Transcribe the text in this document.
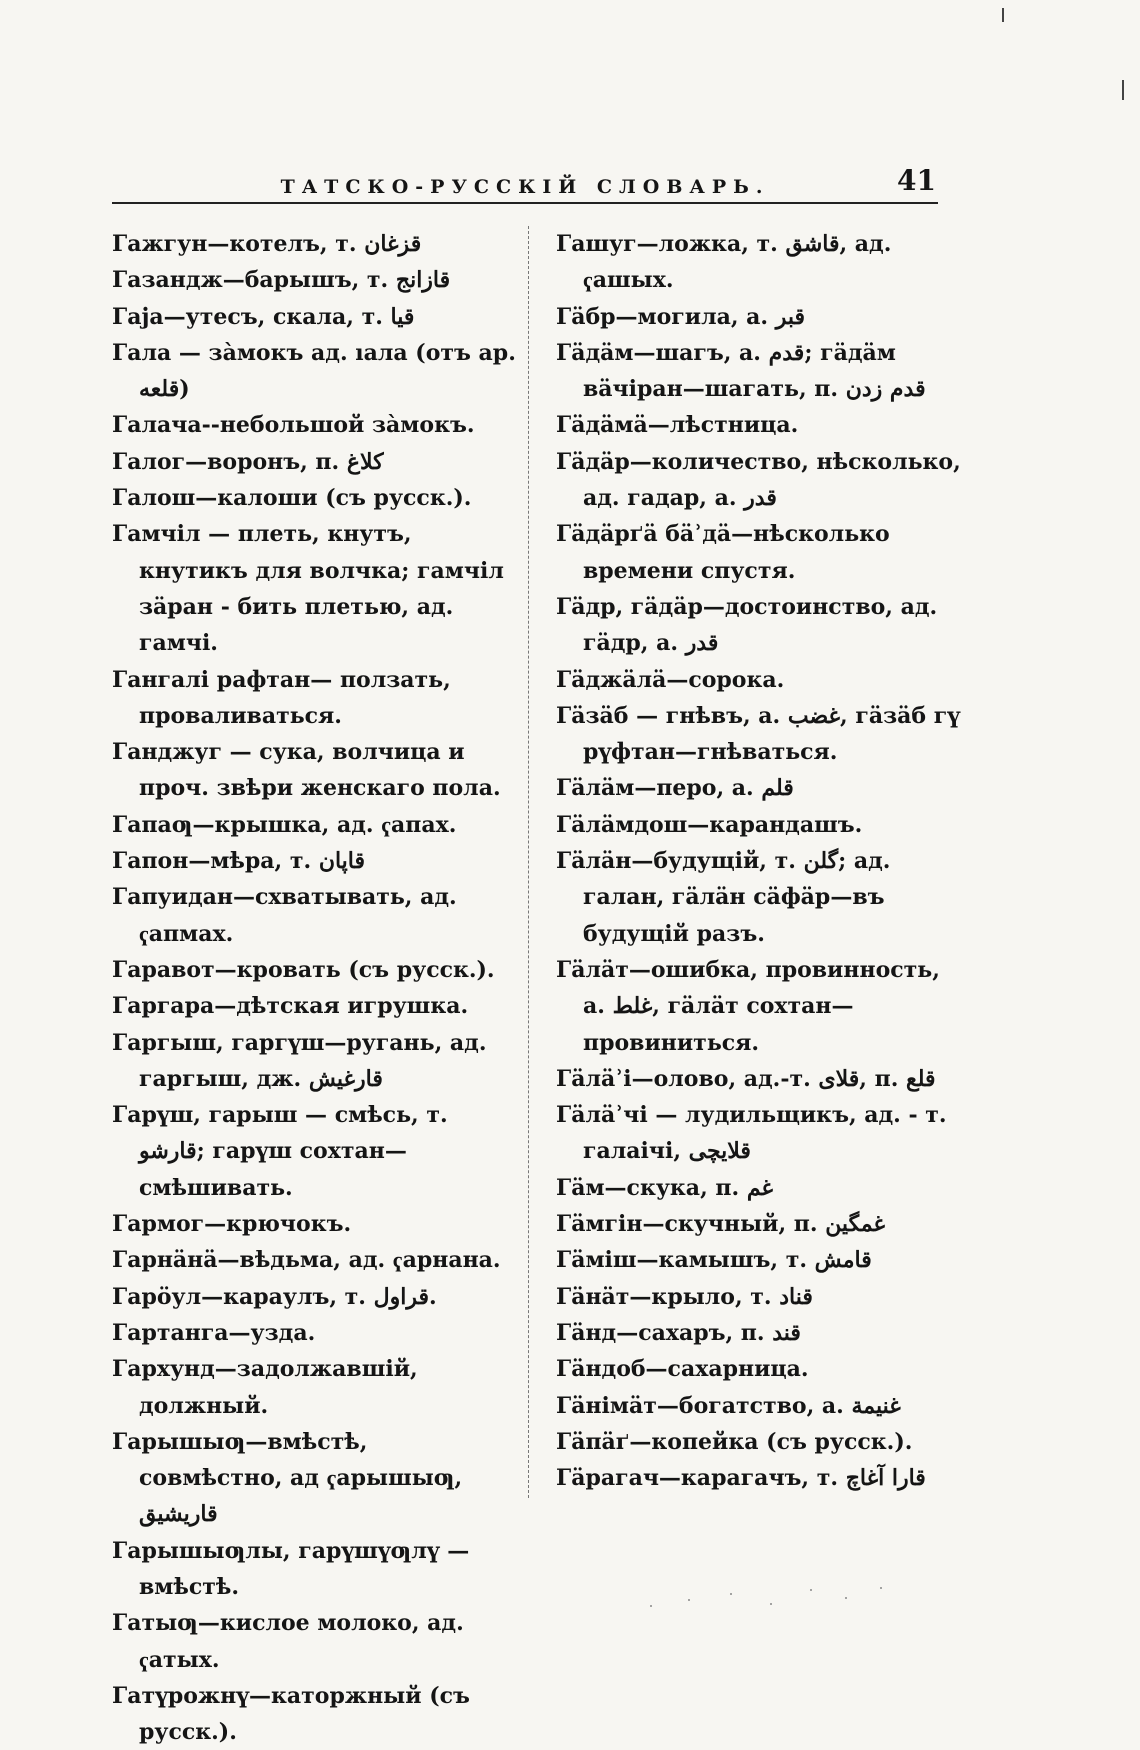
ТАТСКО-РУССКІЙ СЛОВАРЬ.	41

Гажгун—котелъ, т. قزغان

Газандж—барышъ, т. قازانج

Гаја—утесъ, скала, т. قيا

Гала — зàмокъ ад. ıала (отъ ар. قلعه)

Галача--небольшой зàмокъ.

Галог—воронъ, п. كلاغ

Галош—калоши (съ русск.).

Гамчіл — плеть, кнутъ, кнутикъ для волчка; гамчіл зäран - бить плетью, ад. гамчі.

Гангалі рафтан— ползать, проваливаться.

Ганджуг — сука, волчица и проч. звѣри женскаго пола.

Гапаƣ—крышка, ад. ҁапах.

Гапон—мѣра, т. قاپان

Гапуидан—схватывать, ад. ҁапмах.

Гаравот—кровать (съ русск.).

Гаргара—дѣтская игрушка.

Гаргыш, гаргүш—ругань, ад. гаргыш, дж. قارغيش

Гарүш, гарыш — смѣсь, т. قارشو; гарүш сохтан—смѣшивать.

Гармог—крючокъ.

Гарнäнä—вѣдьма, ад. ҁарнана.

Гарöул—караулъ, т. قراول.

Гартанга—узда.

Гархунд—задолжавшій, должный.

Гарышыƣ—вмѣстѣ, совмѣстно, ад ҁарышыƣ, قاریشیق

Гарышыƣлы, гарүшүƣлү — вмѣстѣ.

Гатыƣ—кислое молоко, ад. ҁатых.

Гатүрожнү—каторжный (съ русск.).

Гашуг—ложка, т. قاشق, ад. ҁашых.

Гäбр—могила, а. قبر

Гäдäм—шагъ, а. قدم; гäдäм вäчіран—шагать, п. قدم زدن

Гäдäмä—лѣстница.

Гäдäр—количество, нѣсколько, ад. гадар, а. قدر

Гäдäрґä бäʾдä—нѣсколько времени спустя.

Гäдр, гäдäр—достоинство, ад. гäдр, а. قدر

Гäджäлä—сорока.

Гäзäб — гнѣвъ, а. غضب, гäзäб гү рүфтан—гнѣваться.

Гäлäм—перо, а. قلم

Гäлäмдош—карандашъ.

Гäлäн—будущій, т. گلن; ад. галан, гäлäн сäфäр—въ будущій разъ.

Гäлäт—ошибка, провинность, а. غلط, гäлäт сохтан—провиниться.

Гäлäʾі—олово, ад.-т. قلای, п. قلع

Гäлäʾчі — лудильщикъ, ад. - т. галаічі, قلایچی

Гäм—скука, п. غم

Гäмгін—скучный, п. غمگین

Гäміш—камышъ, т. قامش

Гäнäт—крыло, т. قناد

Гäнд—сахаръ, п. قند

Гäндоб—сахарница.

Гäнімäт—богатство, а. غنیمة

Гäпäґ—копейка (съ русск.).

Гäрагач—карагачъ, т. قارا آغاچ
